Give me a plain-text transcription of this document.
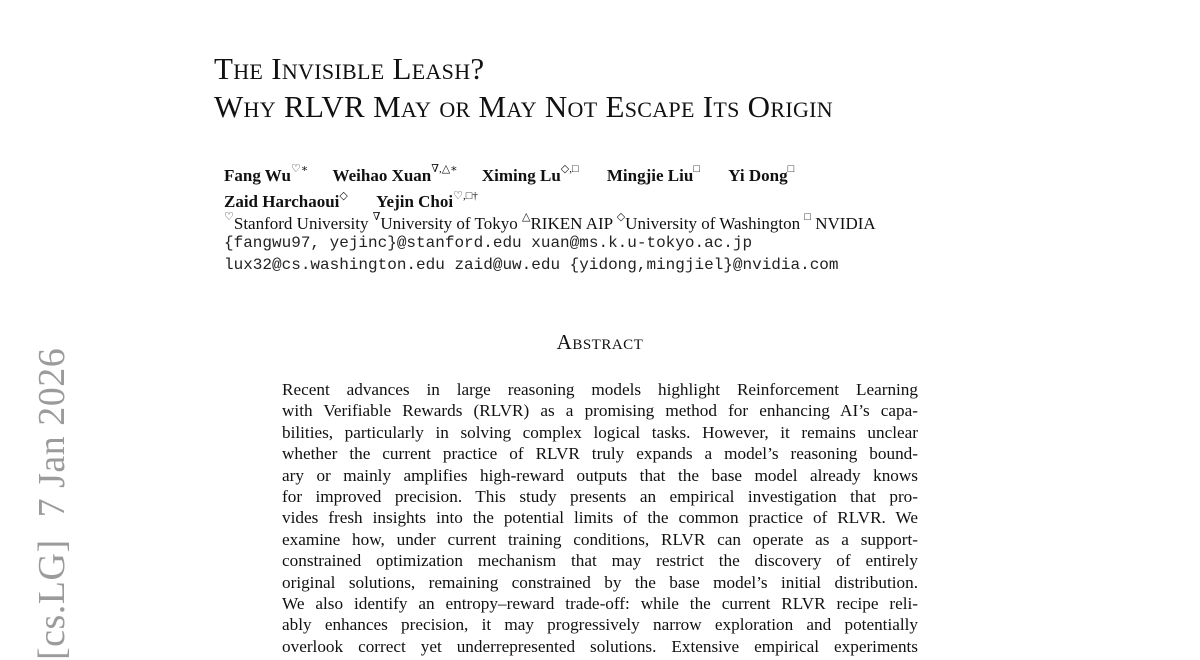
The Invisible Leash?
Why RLVR May or May Not Escape Its Origin
Fang Wu♡∗ Weihao Xuan∇,△∗ Ximing Lu◇,□ Mingjie Liu□ Yi Dong□
Zaid Harchaoui◇ Yejin Choi♡,□†
♡Stanford University ∇University of Tokyo △RIKEN AIP ◇University of Washington □ NVIDIA
{fangwu97, yejinc}@stanford.edu xuan@ms.k.u-tokyo.ac.jp
lux32@cs.washington.edu zaid@uw.edu {yidong,mingjiel}@nvidia.com
Abstract
Recent advances in large reasoning models highlight Reinforcement Learning
with Verifiable Rewards (RLVR) as a promising method for enhancing AI’s capa-
bilities, particularly in solving complex logical tasks. However, it remains unclear
whether the current practice of RLVR truly expands a model’s reasoning bound-
ary or mainly amplifies high-reward outputs that the base model already knows
for improved precision. This study presents an empirical investigation that pro-
vides fresh insights into the potential limits of the common practice of RLVR. We
examine how, under current training conditions, RLVR can operate as a support-
constrained optimization mechanism that may restrict the discovery of entirely
original solutions, remaining constrained by the base model’s initial distribution.
We also identify an entropy–reward trade-off: while the current RLVR recipe reli-
ably enhances precision, it may progressively narrow exploration and potentially
overlook correct yet underrepresented solutions. Extensive empirical experiments
[cs.LG]7 Jan 2026
